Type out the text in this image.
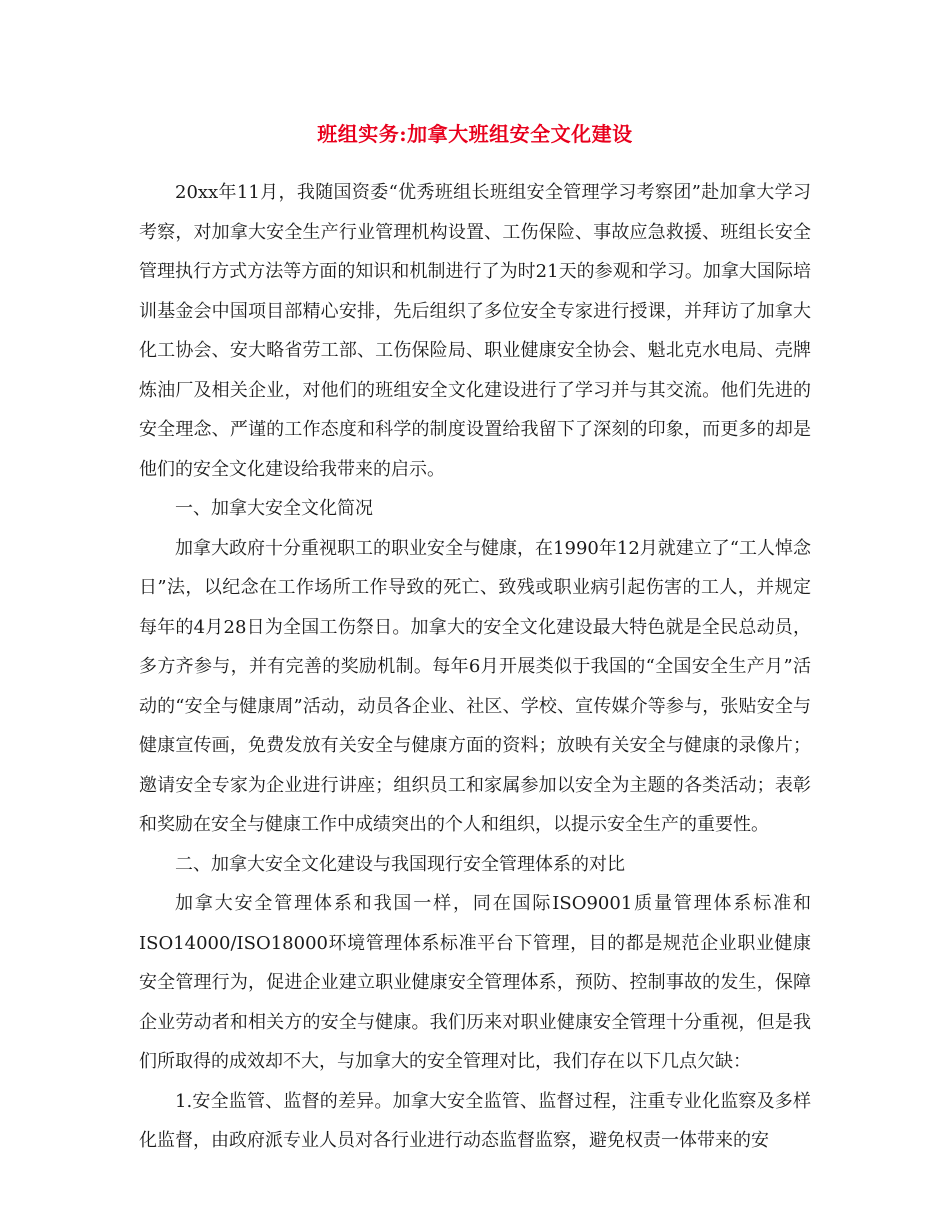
班组实务:加拿大班组安全文化建设

20xx年11月，我随国资委“优秀班组长班组安全管理学习考察团”赴加拿大学习考察，对加拿大安全生产行业管理机构设置、工伤保险、事故应急救援、班组长安全管理执行方式方法等方面的知识和机制进行了为时21天的参观和学习。加拿大国际培训基金会中国项目部精心安排，先后组织了多位安全专家进行授课，并拜访了加拿大化工协会、安大略省劳工部、工伤保险局、职业健康安全协会、魁北克水电局、壳牌炼油厂及相关企业，对他们的班组安全文化建设进行了学习并与其交流。他们先进的安全理念、严谨的工作态度和科学的制度设置给我留下了深刻的印象，而更多的却是他们的安全文化建设给我带来的启示。

一、加拿大安全文化简况

加拿大政府十分重视职工的职业安全与健康，在1990年12月就建立了“工人悼念日”法，以纪念在工作场所工作导致的死亡、致残或职业病引起伤害的工人，并规定每年的4月28日为全国工伤祭日。加拿大的安全文化建设最大特色就是全民总动员，多方齐参与，并有完善的奖励机制。每年6月开展类似于我国的“全国安全生产月”活动的“安全与健康周”活动，动员各企业、社区、学校、宣传媒介等参与，张贴安全与健康宣传画，免费发放有关安全与健康方面的资料；放映有关安全与健康的录像片；邀请安全专家为企业进行讲座；组织员工和家属参加以安全为主题的各类活动；表彰和奖励在安全与健康工作中成绩突出的个人和组织，以提示安全生产的重要性。

二、加拿大安全文化建设与我国现行安全管理体系的对比

加拿大安全管理体系和我国一样，同在国际ISO9001质量管理体系标准和ISO14000/ISO18000环境管理体系标准平台下管理，目的都是规范企业职业健康安全管理行为，促进企业建立职业健康安全管理体系，预防、控制事故的发生，保障企业劳动者和相关方的安全与健康。我们历来对职业健康安全管理十分重视，但是我们所取得的成效却不大，与加拿大的安全管理对比，我们存在以下几点欠缺：

1.安全监管、监督的差异。加拿大安全监管、监督过程，注重专业化监察及多样化监督，由政府派专业人员对各行业进行动态监督监察，避免权责一体带来的安
